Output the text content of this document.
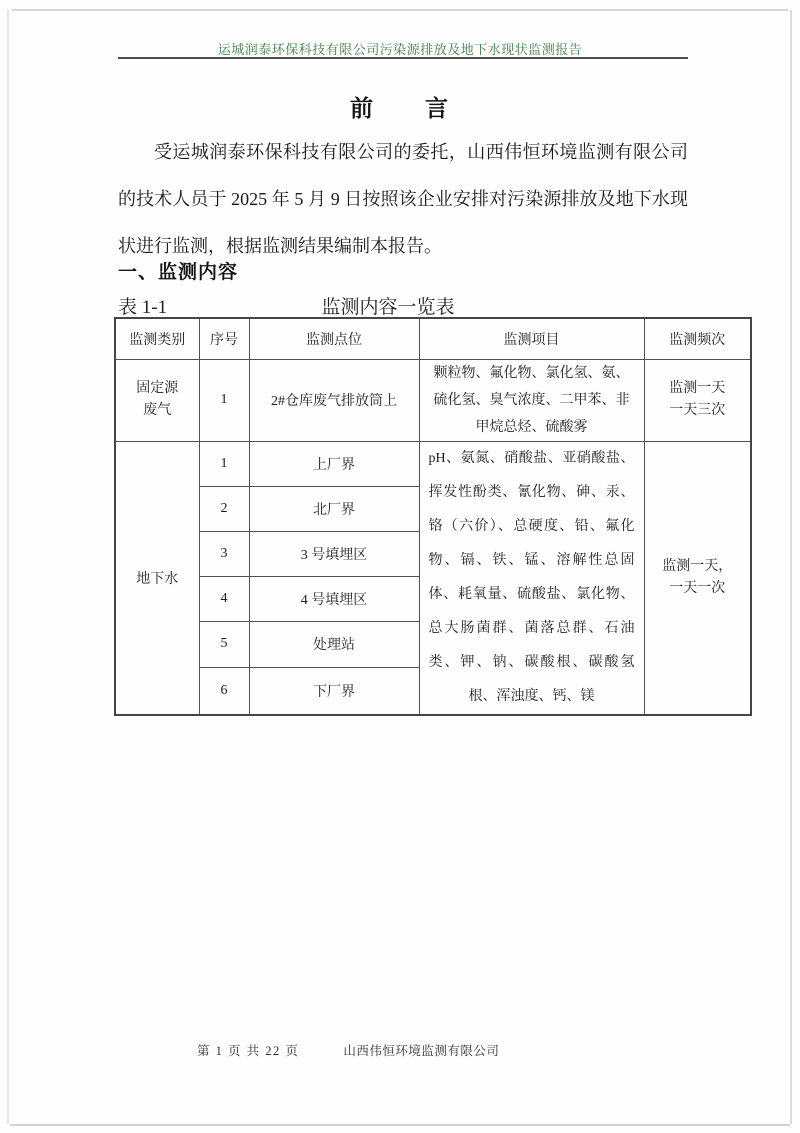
运城润泰环保科技有限公司污染源排放及地下水现状监测报告
前　　言
受运城润泰环保科技有限公司的委托，山西伟恒环境监测有限公司的技术人员于 2025 年 5 月 9 日按照该企业安排对污染源排放及地下水现状进行监测，根据监测结果编制本报告。
一、监测内容
表 1-1	监测内容一览表
监测类别	序号	监测点位	监测项目	监测频次

固定源废气	1	2#仓库废气排放筒上	颗粒物、氟化物、氯化氢、氨、硫化氢、臭气浓度、二甲苯、非甲烷总烃、硫酸雾	监测一天
一天三次

地下水	1	上厂界	pH、氨氮、硝酸盐、亚硝酸盐、挥发性酚类、氰化物、砷、汞、铬（六价）、总硬度、铅、氟化物、镉、铁、锰、溶解性总固体、耗氧量、硫酸盐、氯化物、总大肠菌群、菌落总群、石油类、钾、钠、碳酸根、碳酸氢根、浑浊度、钙、镁	监测一天，
一天一次

	2	北厂界		
	3	3 号填埋区		
	4	4 号填埋区		
	5	处理站		
	6	下厂界		
第 1 页 共 22 页	山西伟恒环境监测有限公司
